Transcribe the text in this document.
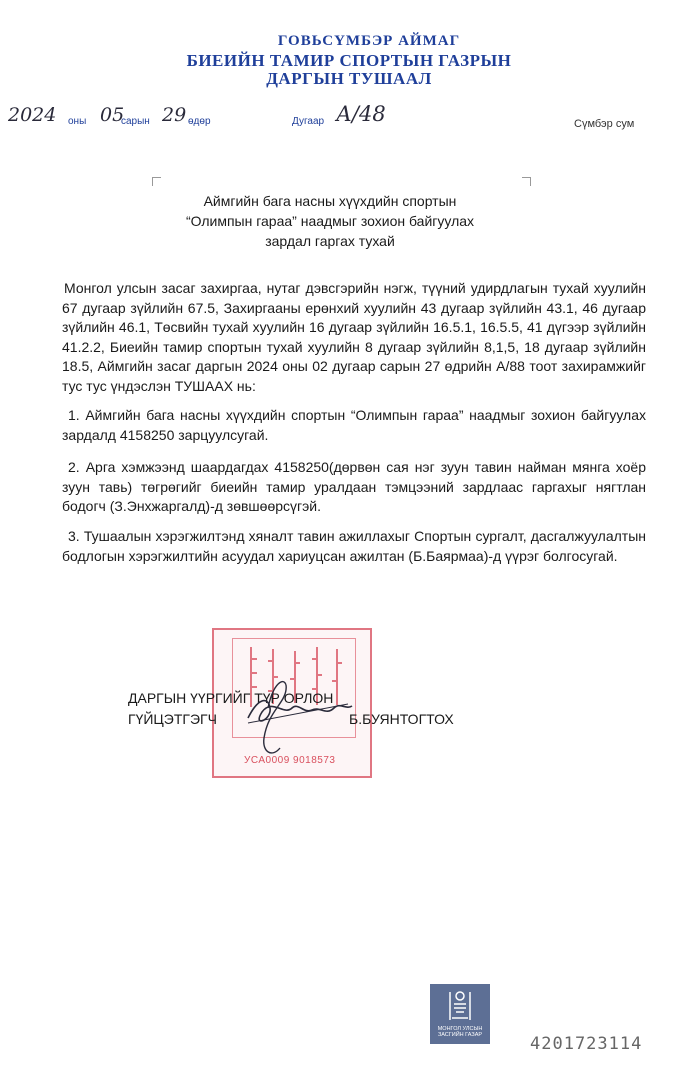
ГОВЬСҮМБЭР АЙМАГ
БИЕИЙН ТАМИР СПОРТЫН ГАЗРЫН
ДАРГЫН ТУШААЛ
2024 оны 05
сарын 29 өдөр	Дугаар А/48	Сүмбэр сум
Аймгийн бага насны хүүхдийн спортын
“Олимпын гараа” наадмыг зохион байгуулах
зардал гаргах тухай

Монгол улсын засаг захиргаа, нутаг дэвсгэрийн нэгж, түүний удирдлагын тухай хуулийн 67 дугаар зүйлийн 67.5, Захиргааны ерөнхий хуулийн 43 дугаар зүйлийн 43.1, 46 дугаар зүйлийн 46.1, Төсвийн тухай хуулийн 16 дугаар зүйлийн 16.5.1, 16.5.5, 41 дүгээр зүйлийн 41.2.2, Биеийн тамир спортын тухай хуулийн 8 дугаар зүйлийн 8,1,5, 18 дугаар зүйлийн 18.5, Аймгийн засаг даргын 2024 оны 02 дугаар сарын 27 өдрийн А/88 тоот захирамжийг тус тус үндэслэн ТУШААХ нь:

1. Аймгийн бага насны хүүхдийн спортын “Олимпын гараа” наадмыг зохион байгуулах зардалд 4158250 зарцуулсугай.

2. Арга хэмжээнд шаардагдах 4158250(дөрвөн сая нэг зуун тавин найман мянга хоёр зуун тавь) төгрөгийг биеийн тамир уралдаан тэмцээний зардлаас гаргахыг нягтлан бодогч (З.Энхжаргалд)-д зөвшөөрсүгэй.

3. Тушаалын хэрэгжилтэнд хяналт тавин ажиллахыг Спортын сургалт, дасгалжуулалтын бодлогын хэрэгжилтийн асуудал хариуцсан ажилтан (Б.Баярмаа)-д үүрэг болгосугай.

УСА0009 9018573
ДАРГЫН ҮҮРГИЙГ ТҮР ОРЛОН
ГҮЙЦЭТГЭГЧ	Б.БУЯНТОГТОХ
МОНГОЛ УЛСЫН ЗАСГИЙН ГАЗАР	4201723114
